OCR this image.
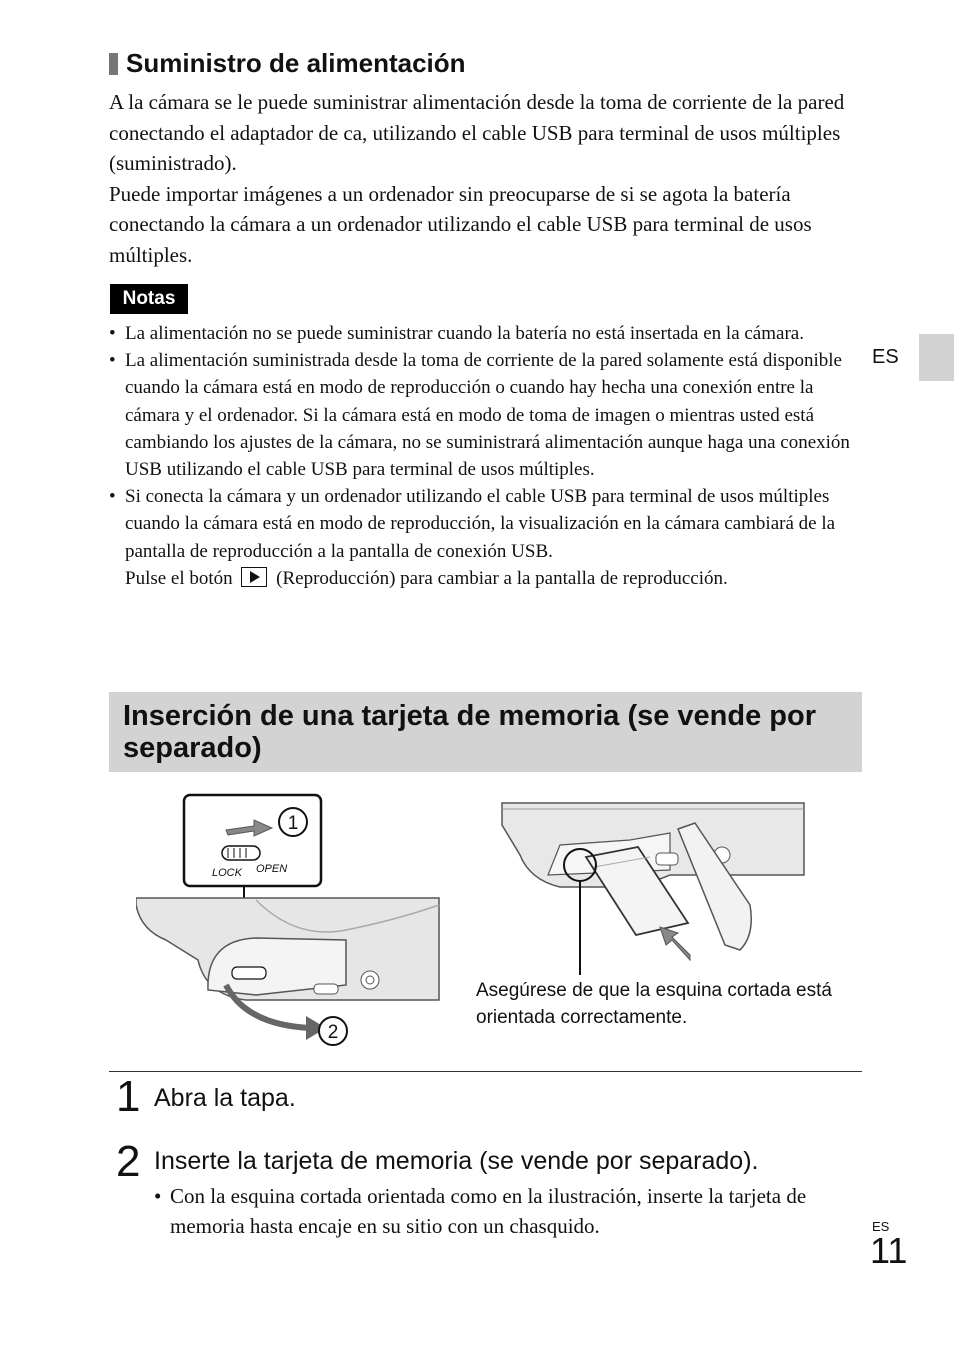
Suministro de alimentación

A la cámara se le puede suministrar alimentación desde la toma de corriente de la pared conectando el adaptador de ca, utilizando el cable USB para terminal de usos múltiples (suministrado).

Puede importar imágenes a un ordenador sin preocuparse de si se agota la batería conectando la cámara a un ordenador utilizando el cable USB para terminal de usos múltiples.

Notas
• La alimentación no se puede suministrar cuando la batería no está insertada en la cámara.
• La alimentación suministrada desde la toma de corriente de la pared solamente está disponible cuando la cámara está en modo de reproducción o cuando hay hecha una conexión entre la cámara y el ordenador. Si la cámara está en modo de toma de imagen o mientras usted está cambiando los ajustes de la cámara, no se suministrará alimentación aunque haga una conexión USB utilizando el cable USB para terminal de usos múltiples.
• Si conecta la cámara y un ordenador utilizando el cable USB para terminal de usos múltiples cuando la cámara está en modo de reproducción, la visualización en la cámara cambiará de la pantalla de reproducción a la pantalla de conexión USB.
Pulse el botón (Reproducción) para cambiar a la pantalla de reproducción.
ES
Inserción de una tarjeta de memoria (se vende por separado)
1
LOCK OPEN
2
Asegúrese de que la esquina cortada está orientada correctamente.
1 Abra la tapa.
2 Inserte la tarjeta de memoria (se vende por separado).
• Con la esquina cortada orientada como en la ilustración, inserte la tarjeta de memoria hasta encaje en su sitio con un chasquido.	ES
11
